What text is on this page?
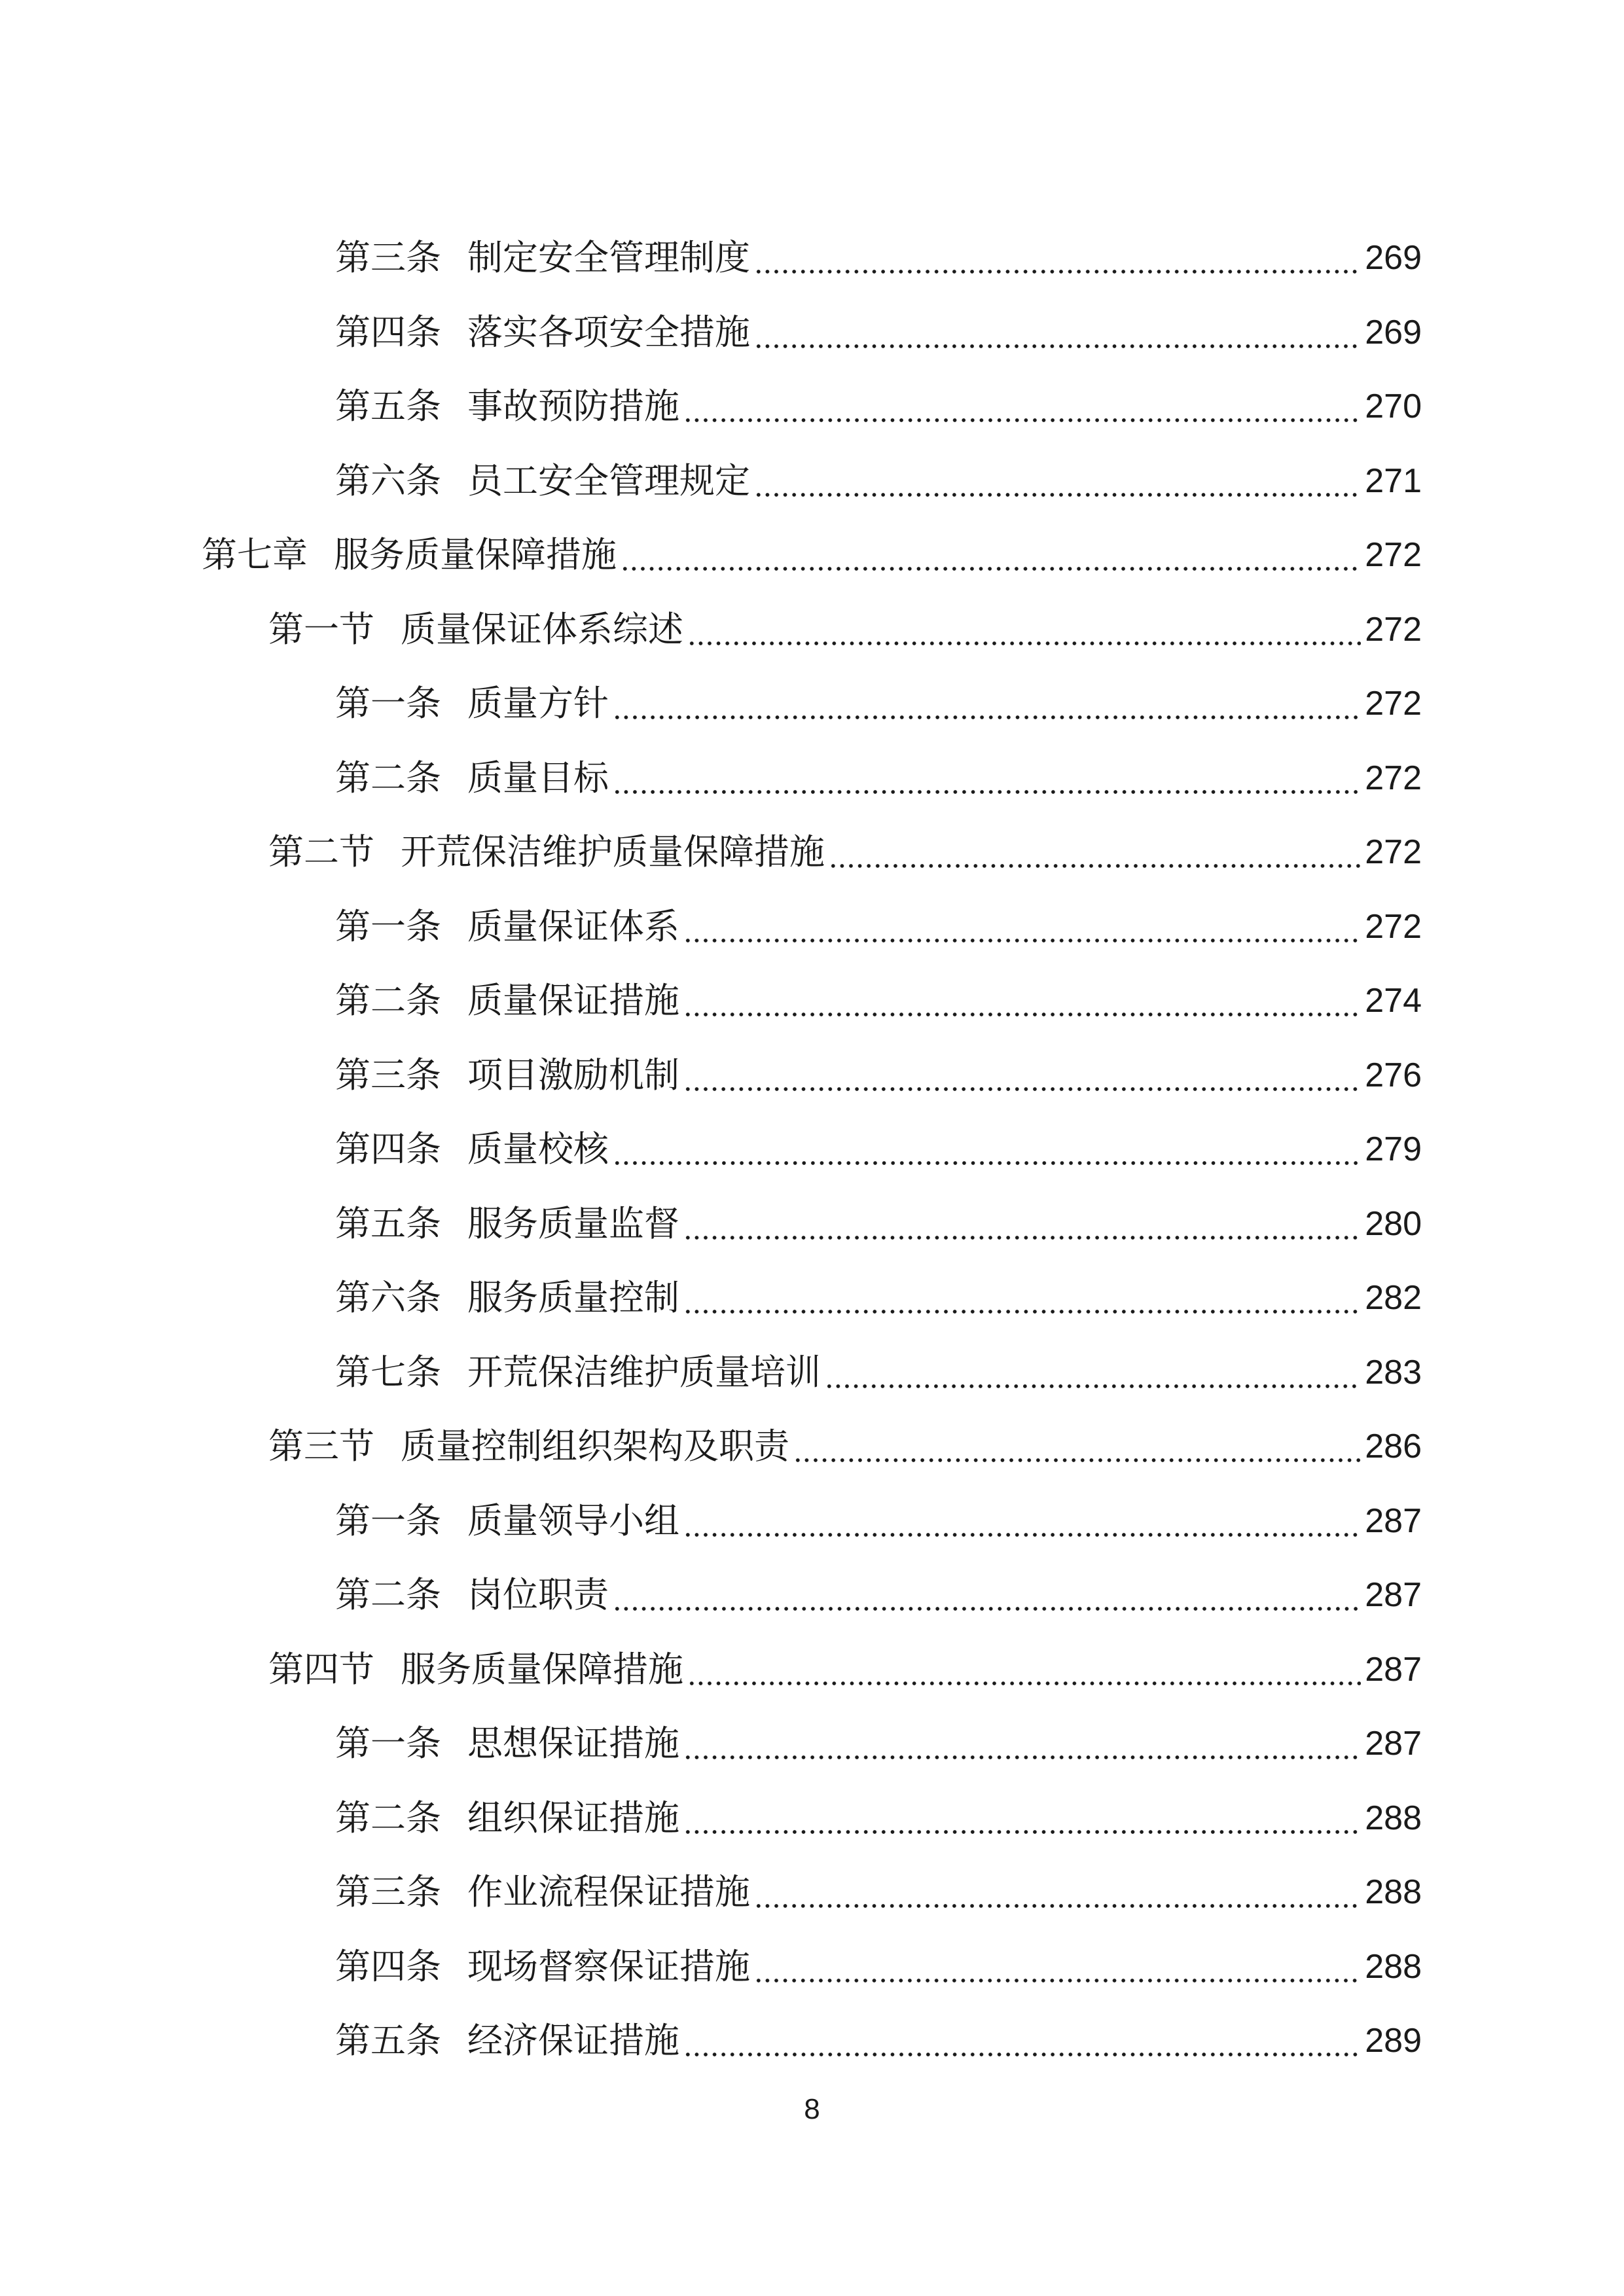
第三条 制定安全管理制度	269
第四条 落实各项安全措施	269
第五条 事故预防措施	270
第六条 员工安全管理规定	271
第七章 服务质量保障措施	272
第一节 质量保证体系综述	272
第一条 质量方针	272
第二条 质量目标	272
第二节 开荒保洁维护质量保障措施	272
第一条 质量保证体系	272
第二条 质量保证措施	274
第三条 项目激励机制	276
第四条 质量校核	279
第五条 服务质量监督	280
第六条 服务质量控制	282
第七条 开荒保洁维护质量培训	283
第三节 质量控制组织架构及职责	286
第一条 质量领导小组	287
第二条 岗位职责	287
第四节 服务质量保障措施	287
第一条 思想保证措施	287
第二条 组织保证措施	288
第三条 作业流程保证措施	288
第四条 现场督察保证措施	288
第五条 经济保证措施	289
8
